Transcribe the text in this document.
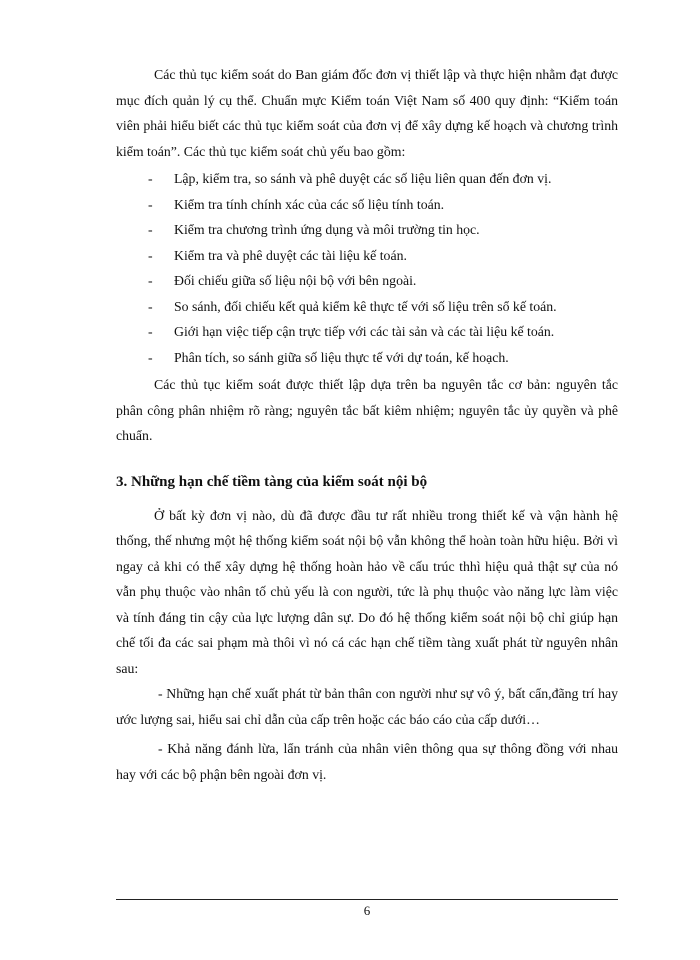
Các thủ tục kiểm soát do Ban giám đốc đơn vị thiết lập và thực hiện nhằm đạt được mục đích quản lý cụ thể. Chuẩn mực Kiểm toán Việt Nam số 400 quy định: “Kiểm toán viên phải hiểu biết các thủ tục kiểm soát của đơn vị để xây dựng kế hoạch và chương trình kiểm toán”. Các thủ tục kiểm soát chủ yếu bao gồm:

- Lập, kiểm tra, so sánh và phê duyệt các số liệu liên quan đến đơn vị.
- Kiểm tra tính chính xác của các số liệu tính toán.
- Kiểm tra chương trình ứng dụng và môi trường tin học.
- Kiểm tra và phê duyệt các tài liệu kế toán.
- Đối chiếu giữa số liệu nội bộ với bên ngoài.
- So sánh, đối chiếu kết quả kiểm kê thực tế với số liệu trên sổ kế toán.
- Giới hạn việc tiếp cận trực tiếp với các tài sản và các tài liệu kế toán.
- Phân tích, so sánh giữa số liệu thực tế với dự toán, kế hoạch.

Các thủ tục kiểm soát được thiết lập dựa trên ba nguyên tắc cơ bản: nguyên tắc phân công phân nhiệm rõ ràng; nguyên tắc bất kiêm nhiệm; nguyên tắc ủy quyền và phê chuẩn.

3. Những hạn chế tiềm tàng của kiểm soát nội bộ

Ở bất kỳ đơn vị nào, dù đã được đầu tư rất nhiều trong thiết kế và vận hành hệ thống, thế nhưng một hệ thống kiểm soát nội bộ vẫn không thể hoàn toàn hữu hiệu. Bởi vì ngay cả khi có thể xây dựng hệ thống hoàn hảo về cấu trúc thhì hiệu quả thật sự của nó vẫn phụ thuộc vào nhân tố chủ yếu là con người, tức là phụ thuộc vào năng lực làm việc và tính đáng tin cậy của lực lượng dân sự. Do đó hệ thống kiểm soát nội bộ chỉ giúp hạn chế tối đa các sai phạm mà thôi vì nó cá các hạn chế tiềm tàng xuất phát từ nguyên nhân sau:

- Những hạn chế xuất phát từ bản thân con người như sự vô ý, bất cẩn,đãng trí hay ước lượng sai, hiểu sai chỉ dẫn của cấp trên hoặc các báo cáo của cấp dưới…

- Khả năng đánh lừa, lẩn tránh của nhân viên thông qua sự thông đồng với nhau hay với các bộ phận bên ngoài đơn vị.

6
